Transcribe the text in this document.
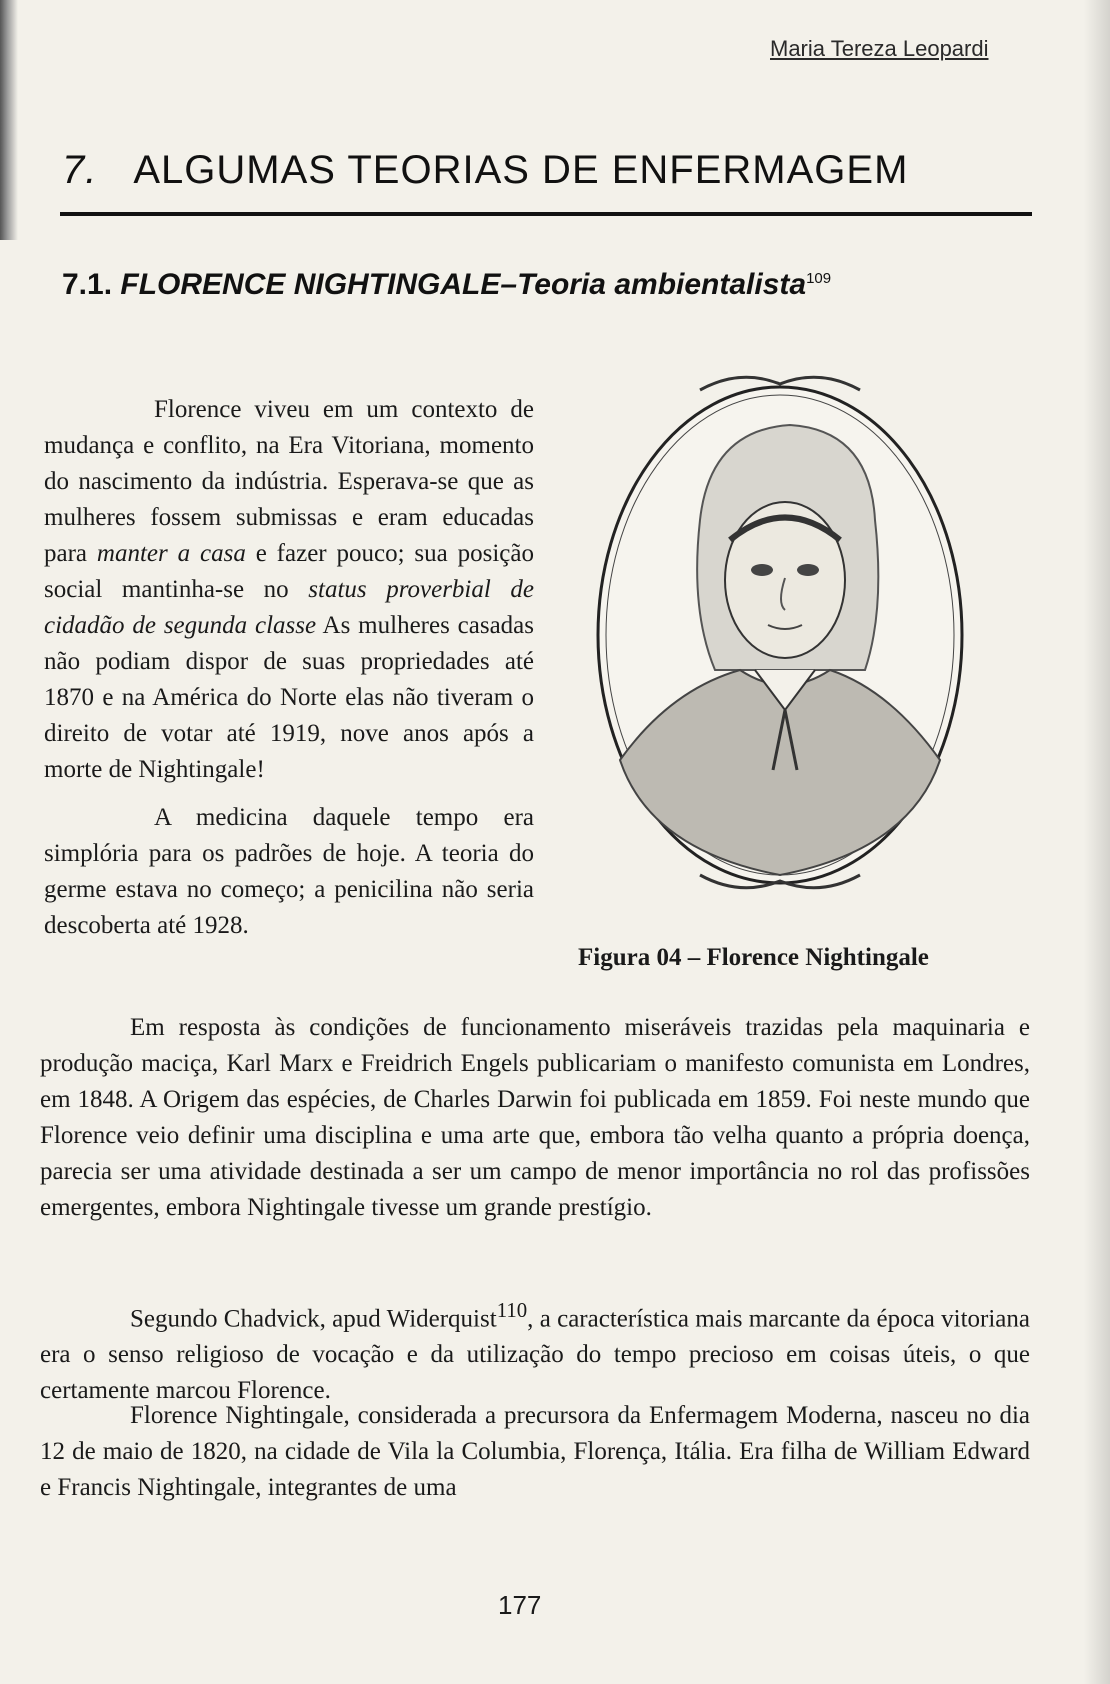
Maria Tereza Leopardi
7. ALGUMAS TEORIAS DE ENFERMAGEM
7.1. FLORENCE NIGHTINGALE–Teoria ambientalista$^{109}$

Florence viveu em um contexto de mudança e conflito, na Era Vitoriana, momento do nascimento da indústria. Esperava-se que as mulheres fossem submissas e eram educadas para manter a casa e fazer pouco; sua posição social mantinha-se no status proverbial de cidadão de segunda classe As mulheres casadas não podiam dispor de suas propriedades até 1870 e na América do Norte elas não tiveram o direito de votar até 1919, nove anos após a morte de Nightingale!

A medicina daquele tempo era simplória para os padrões de hoje. A teoria do germe estava no começo; a penicilina não seria descoberta até 1928.

Figura 04 – Florence Nightingale

Em resposta às condições de funcionamento miseráveis trazidas pela maquinaria e produção maciça, Karl Marx e Freidrich Engels publicariam o manifesto comunista em Londres, em 1848. A Origem das espécies, de Charles Darwin foi publicada em 1859. Foi neste mundo que Florence veio definir uma disciplina e uma arte que, embora tão velha quanto a própria doença, parecia ser uma atividade destinada a ser um campo de menor importância no rol das profissões emergentes, embora Nightingale tivesse um grande prestígio.

Segundo Chadvick, apud Widerquist$^{110}$, a característica mais marcante da época vitoriana era o senso religioso de vocação e da utilização do tempo precioso em coisas úteis, o que certamente marcou Florence.

Florence Nightingale, considerada a precursora da Enfermagem Moderna, nasceu no dia 12 de maio de 1820, na cidade de Vila la Columbia, Florença, Itália. Era filha de William Edward e Francis Nightingale, integrantes de uma

177
